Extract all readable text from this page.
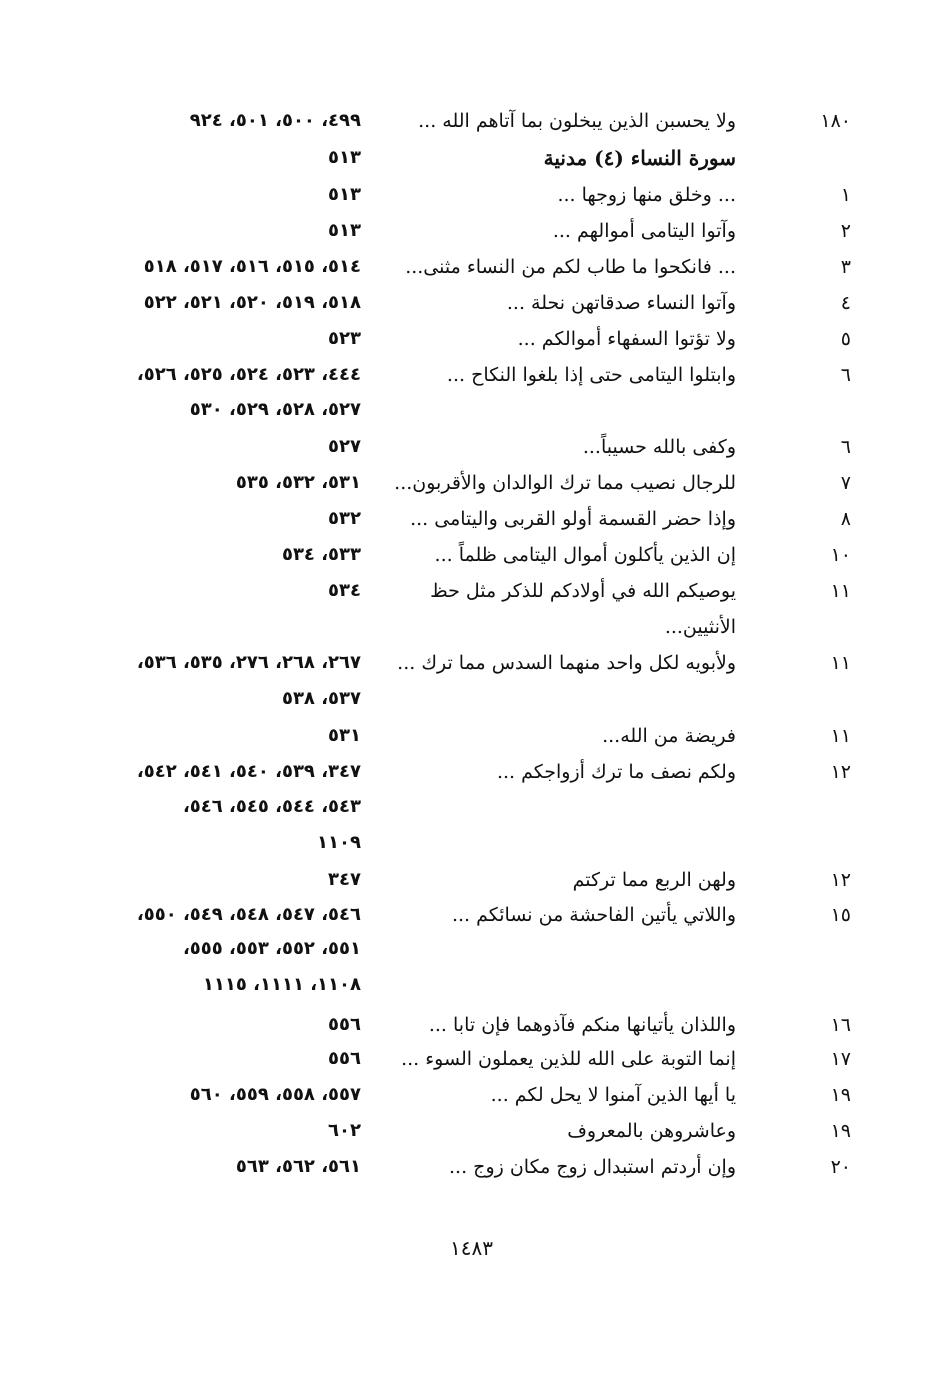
١٨٠
ولا يحسبن الذين يبخلون بما آتاهم الله ...
٤٩٩، ٥٠٠، ٥٠١، ٩٢٤
سورة النساء (٤) مدنية
٥١٣
١
... وخلق منها زوجها ...
٥١٣
٢
وآتوا اليتامى أموالهم ...
٥١٣
٣
... فانكحوا ما طاب لكم من النساء مثنى...
٥١٤، ٥١٥، ٥١٦، ٥١٧، ٥١٨
٤
وآتوا النساء صدقاتهن نحلة ...
٥١٨، ٥١٩، ٥٢٠، ٥٢١، ٥٢٢
٥
ولا تؤتوا السفهاء أموالكم ...
٥٢٣
٦
وابتلوا اليتامى حتى إذا بلغوا النكاح ...
٤٤٤، ٥٢٣، ٥٢٤، ٥٢٥، ٥٢٦،
٥٢٧، ٥٢٨، ٥٢٩، ٥٣٠
٦
وكفى بالله حسيباً...
٥٢٧
٧
للرجال نصيب مما ترك الوالدان والأقربون...
٥٣١، ٥٣٢، ٥٣٥
٨
وإذا حضر القسمة أولو القربى واليتامى ...
٥٣٢
١٠
إن الذين يأكلون أموال اليتامى ظلماً ...
٥٣٣، ٥٣٤
١١
يوصيكم الله في أولادكم للذكر مثل حظ الأنثيين...
٥٣٤
١١
ولأبويه لكل واحد منهما السدس مما ترك ...
٢٦٧، ٢٦٨، ٢٧٦، ٥٣٥، ٥٣٦،
٥٣٧، ٥٣٨
١١
فريضة من الله...
٥٣١
١٢
ولكم نصف ما ترك أزواجكم ...
٣٤٧، ٥٣٩، ٥٤٠، ٥٤١، ٥٤٢،
٥٤٣، ٥٤٤، ٥٤٥، ٥٤٦،
١١٠٩
١٢
ولهن الربع مما تركتم
٣٤٧
١٥
واللاتي يأتين الفاحشة من نسائكم ...
٥٤٦، ٥٤٧، ٥٤٨، ٥٤٩، ٥٥٠،
٥٥١، ٥٥٢، ٥٥٣، ٥٥٥،
١١٠٨، ١١١١، ١١١٥
١٦
واللذان يأتيانها منكم فآذوهما فإن تابا ...
٥٥٦
١٧
إنما التوبة على الله للذين يعملون السوء ...
٥٥٦
١٩
يا أيها الذين آمنوا لا يحل لكم ...
٥٥٧، ٥٥٨، ٥٥٩، ٥٦٠
١٩
وعاشروهن بالمعروف
٦٠٢
٢٠
وإن أردتم استبدال زوج مكان زوج ...
٥٦١، ٥٦٢، ٥٦٣
١٤٨٣
